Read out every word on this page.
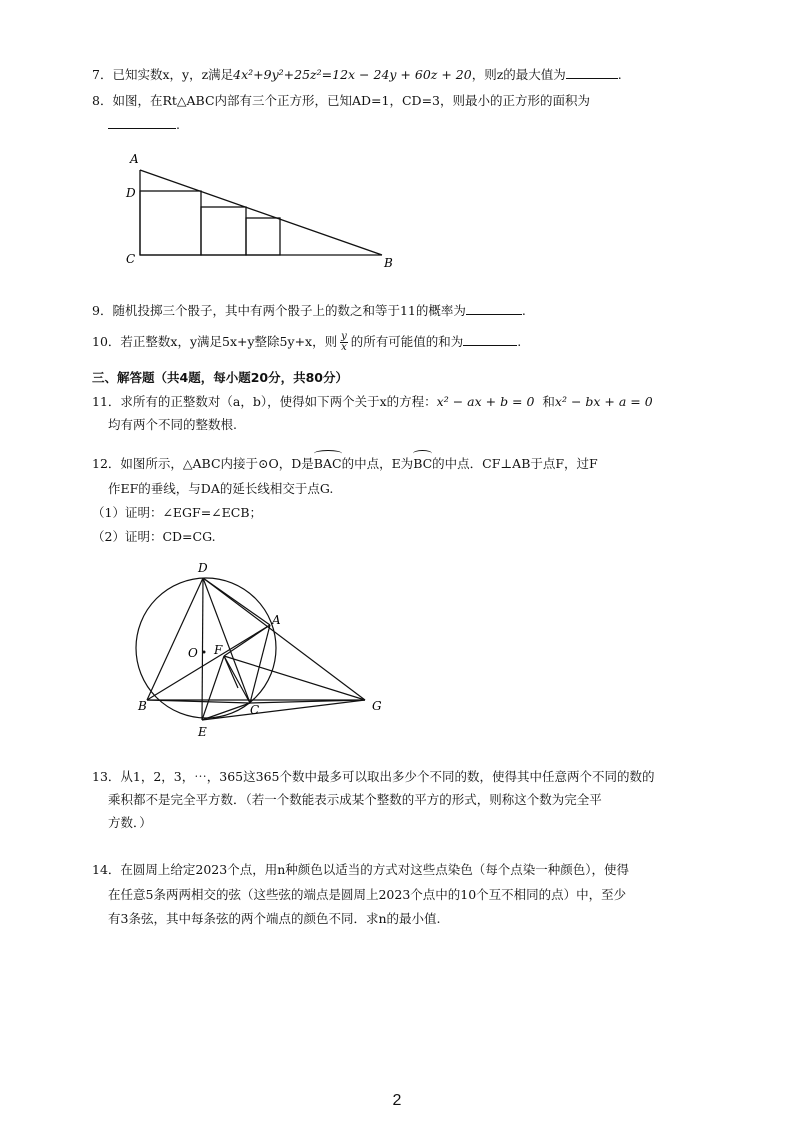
7．已知实数x，y，z满足4x²+9y²+25z²=12x − 24y + 60z + 20，则z的最大值为	.
8．如图，在Rt△ABC内部有三个正方形，已知AD=1，CD=3，则最小的正方形的面积为
.
A
D
C	B
9．随机投掷三个骰子，其中有两个骰子上的数之和等于11的概率为	.
10．若正整数x，y满足5x+y整除5y+x，则 $\frac{y}{x}$ 的所有可能值的和为	.
三、解答题（共4题，每小题20分，共80分）
11．求所有的正整数对（a，b），使得如下两个关于x的方程：x² − ax + b = 0 和x² − bx + a = 0
均有两个不同的整数根.
12．如图所示，△ABC内接于⊙O，D是BAC的中点，E为BC的中点．CF⊥AB于点F，过F
作EF的垂线，与DA的延长线相交于点G.
（1）证明：∠EGF=∠ECB；
（2）证明：CD=CG.
D
A
O F
B	C
E
G
13．从1，2，3，⋯，365这365个数中最多可以取出多少个不同的数，使得其中任意两个不同的数的
乘积都不是完全平方数．（若一个数能表示成某个整数的平方的形式，则称这个数为完全平
方数．）
14．在圆周上给定2023个点，用n种颜色以适当的方式对这些点染色（每个点染一种颜色），使得
在任意5条两两相交的弦（这些弦的端点是圆周上2023个点中的10个互不相同的点）中，至少
有3条弦，其中每条弦的两个端点的颜色不同．求n的最小值.
2
